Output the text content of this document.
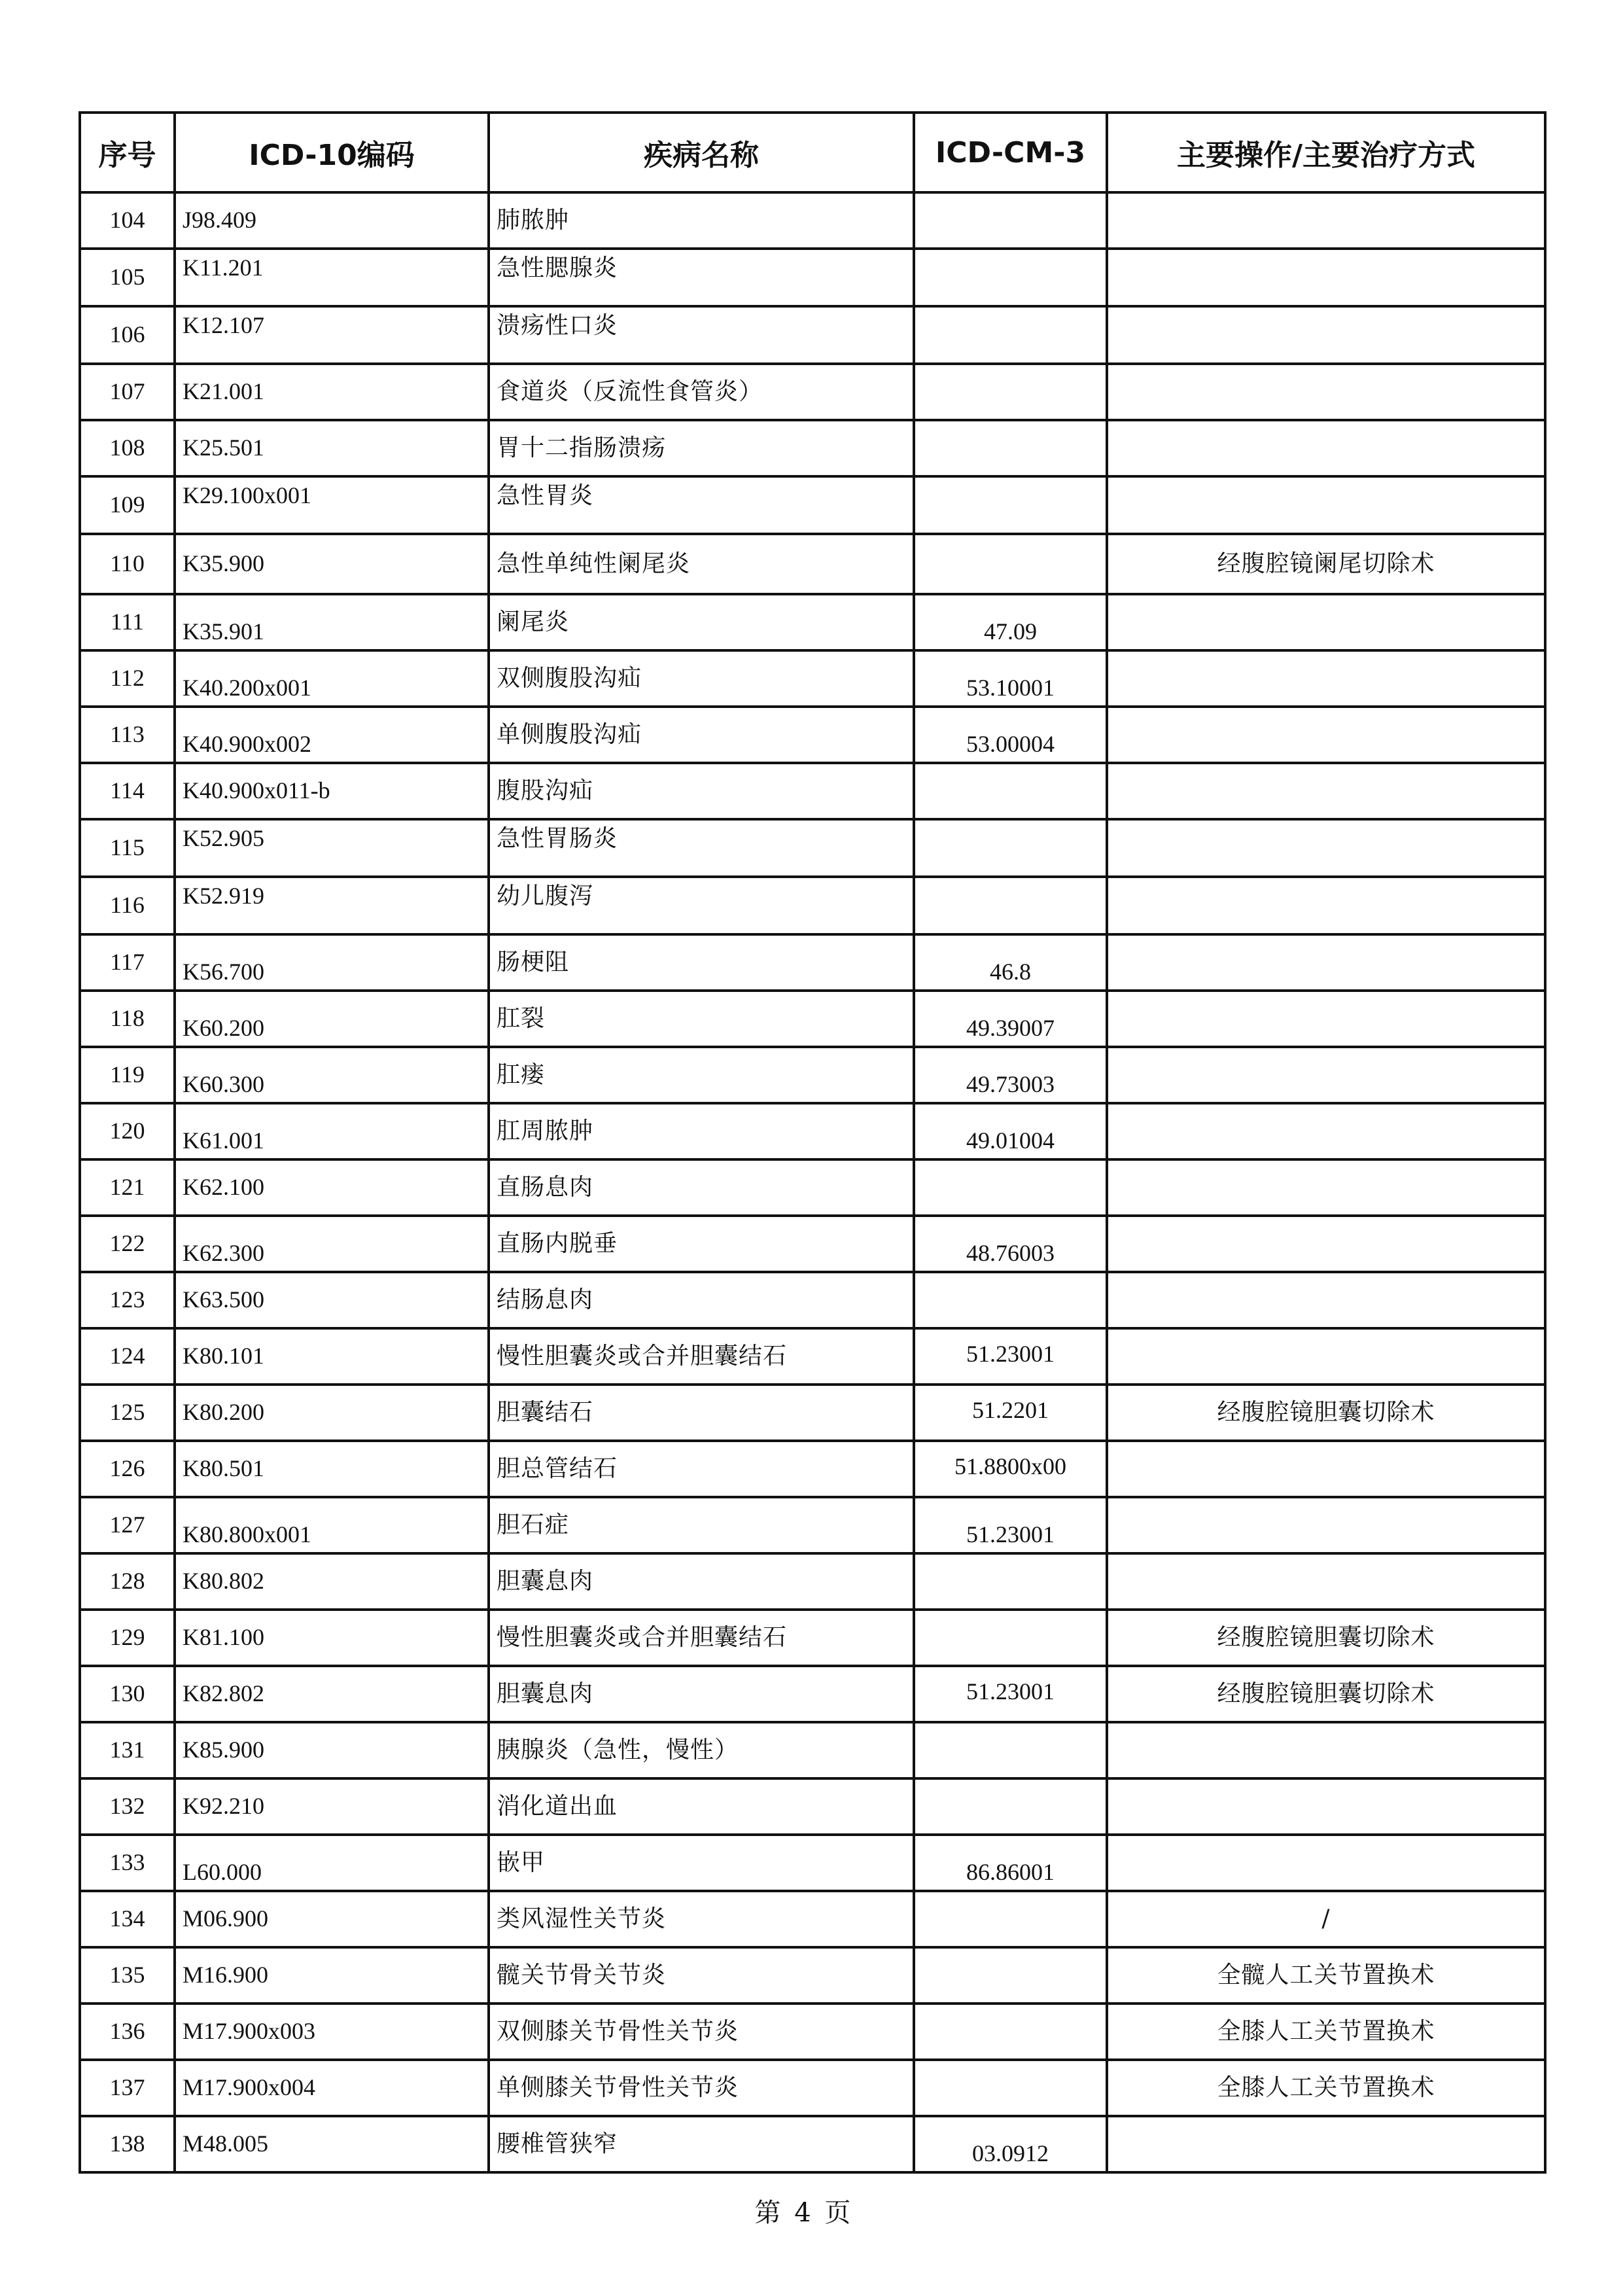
序号	ICD-10编码	疾病名称	ICD-CM-3	主要操作/主要治疗方式
104	J98.409	肺脓肿		
105	K11.201	急性腮腺炎		
106	K12.107	溃疡性口炎		
107	K21.001	食道炎（反流性食管炎）		
108	K25.501	胃十二指肠溃疡		
109	K29.100x001	急性胃炎		
110	K35.900	急性单纯性阑尾炎		经腹腔镜阑尾切除术
111	K35.901	阑尾炎	47.09	
112	K40.200x001	双侧腹股沟疝	53.10001	
113	K40.900x002	单侧腹股沟疝	53.00004	
114	K40.900x011-b	腹股沟疝		
115	K52.905	急性胃肠炎		
116	K52.919	幼儿腹泻		
117	K56.700	肠梗阻	46.8	
118	K60.200	肛裂	49.39007	
119	K60.300	肛瘘	49.73003	
120	K61.001	肛周脓肿	49.01004	
121	K62.100	直肠息肉		
122	K62.300	直肠内脱垂	48.76003	
123	K63.500	结肠息肉		
124	K80.101	慢性胆囊炎或合并胆囊结石	51.23001	
125	K80.200	胆囊结石	51.2201	经腹腔镜胆囊切除术
126	K80.501	胆总管结石	51.8800x00	
127	K80.800x001	胆石症	51.23001	
128	K80.802	胆囊息肉		
129	K81.100	慢性胆囊炎或合并胆囊结石		经腹腔镜胆囊切除术
130	K82.802	胆囊息肉	51.23001	经腹腔镜胆囊切除术
131	K85.900	胰腺炎（急性，慢性）		
132	K92.210	消化道出血		
133	L60.000	嵌甲	86.86001	
134	M06.900	类风湿性关节炎		/
135	M16.900	髋关节骨关节炎		全髋人工关节置换术
136	M17.900x003	双侧膝关节骨性关节炎		全膝人工关节置换术
137	M17.900x004	单侧膝关节骨性关节炎		全膝人工关节置换术
138	M48.005	腰椎管狭窄	03.0912	
第 4 页
